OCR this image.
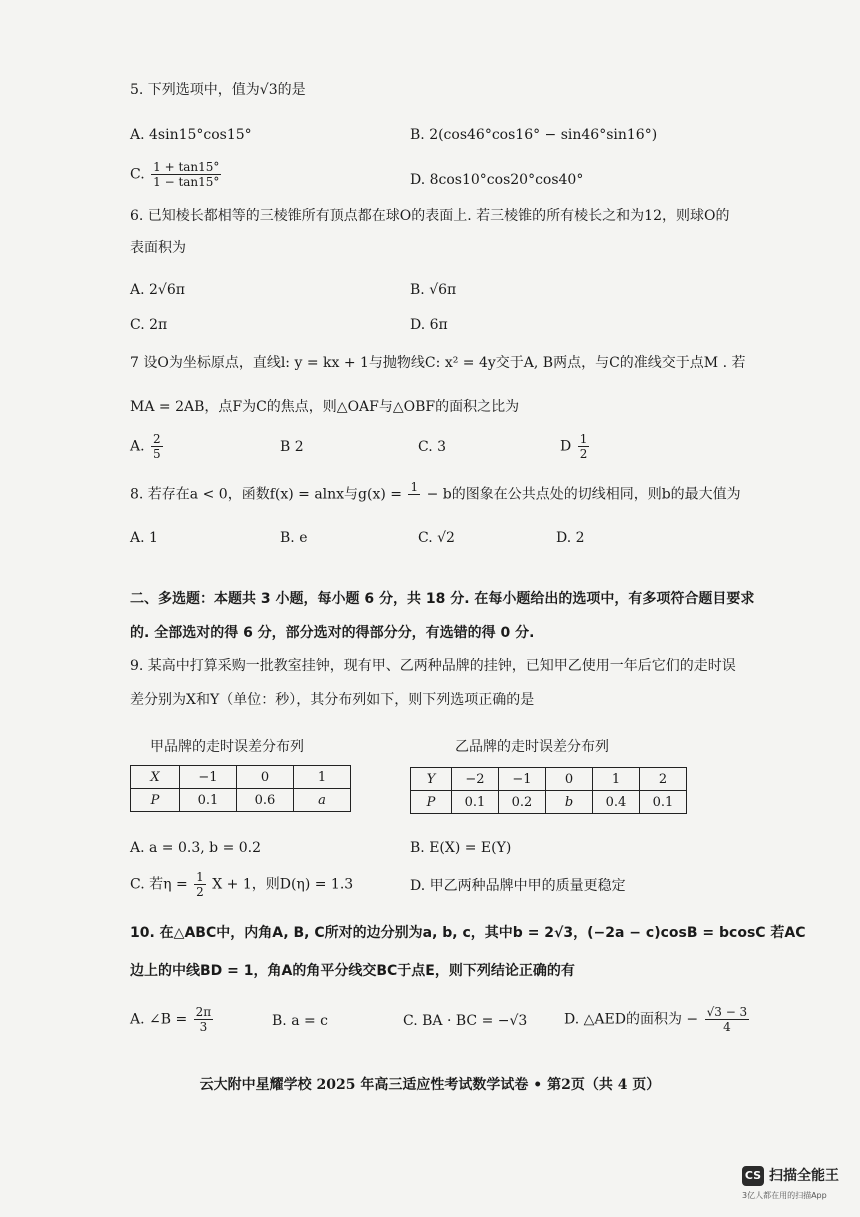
5. 下列选项中，值为√3的是
A. 4sin15°cos15°	B. 2(cos46°cos16° − sin46°sin16°)
C. $\frac{1 + \tan 15^\circ}{1 - \tan 15^\circ}$	D. 8cos10°cos20°cos40°
6. 已知棱长都相等的三棱锥所有顶点都在球O的表面上. 若三棱锥的所有棱长之和为12，则球O的
表面积为
A. 2√6π	B. √6π
C. 2π	D. 6π
7 设O为坐标原点，直线l: y = kx + 1与抛物线C: x² = 4y交于A, B两点，与C的准线交于点M . 若
MA = 2AB，点F为C的焦点，则△OAF与△OBF的面积之比为
A. $\frac{2}{5}$	B 2	C. 3	D $\frac{1}{2}$
8. 若存在a < 0，函数f(x) = alnx与g(x) = 1
− b的图象在公共点处的切线相同，则b的最大值为
A. 1	B. e	C. √2	D. 2
二、多选题：本题共 3 小题，每小题 6 分，共 18 分. 在每小题给出的选项中，有多项符合题目要求
的. 全部选对的得 6 分，部分选对的得部分分，有选错的得 0 分.
9. 某高中打算采购一批教室挂钟，现有甲、乙两种品牌的挂钟，已知甲乙使用一年后它们的走时误
差分别为X和Y（单位：秒），其分布列如下，则下列选项正确的是
甲品牌的走时误差分布列	乙品牌的走时误差分布列
X	−1	0	1
P	0.1	0.6	a
Y	−2	−1	0	1	2
P	0.1	0.2	b	0.4	0.1
A. a = 0.3, b = 0.2	B. E(X) = E(Y)
C. 若$\eta = \frac{1}{2}$ X + 1，则D(η) = 1.3	D. 甲乙两种品牌中甲的质量更稳定
10. 在△ABC中，内角A, B, C所对的边分别为a, b, c，其中b = 2√3，(−2a − c)cosB = bcosC 若AC
边上的中线BD = 1，角A的角平分线交BC于点E，则下列结论正确的有
A. ∠B = $\frac{2\pi}{3}$	B. a = c	C. BA · BC = −√3	D. △AED的面积为 − $\frac{√3 - 3}{4}$
云大附中星耀学校 2025 年高三适应性考试数学试卷 • 第2页（共 4 页）
CS 扫描全能王
3亿人都在用的扫描App
